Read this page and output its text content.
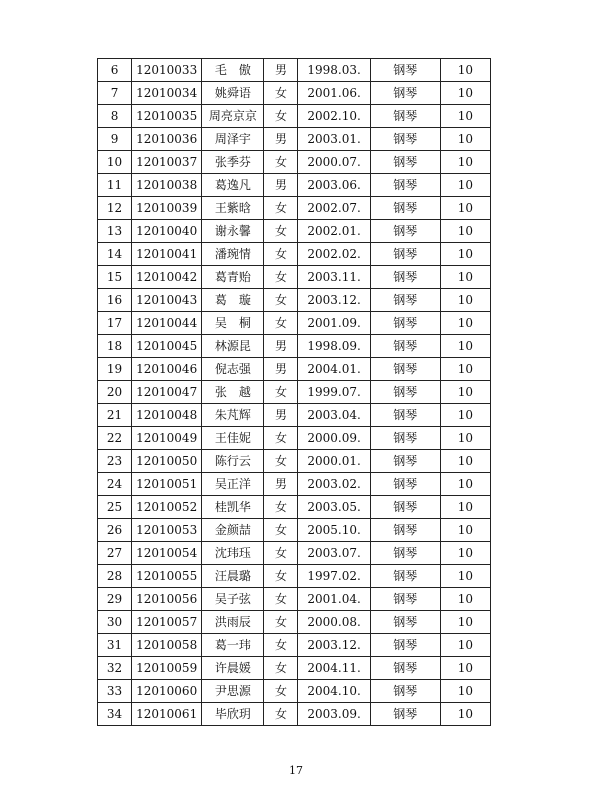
6	12010033	毛　傲	男	1998.03.	钢琴	10
7	12010034	姚舜语	女	2001.06.	钢琴	10
8	12010035	周亮京京	女	2002.10.	钢琴	10
9	12010036	周泽宇	男	2003.01.	钢琴	10
10	12010037	张季芬	女	2000.07.	钢琴	10
11	12010038	葛逸凡	男	2003.06.	钢琴	10
12	12010039	王紫晗	女	2002.07.	钢琴	10
13	12010040	谢永馨	女	2002.01.	钢琴	10
14	12010041	潘琬情	女	2002.02.	钢琴	10
15	12010042	葛青贻	女	2003.11.	钢琴	10
16	12010043	葛　璇	女	2003.12.	钢琴	10
17	12010044	吴　桐	女	2001.09.	钢琴	10
18	12010045	林源昆	男	1998.09.	钢琴	10
19	12010046	倪志强	男	2004.01.	钢琴	10
20	12010047	张　越	女	1999.07.	钢琴	10
21	12010048	朱芃辉	男	2003.04.	钢琴	10
22	12010049	王佳妮	女	2000.09.	钢琴	10
23	12010050	陈行云	女	2000.01.	钢琴	10
24	12010051	吴正洋	男	2003.02.	钢琴	10
25	12010052	桂凯华	女	2003.05.	钢琴	10
26	12010053	金颜喆	女	2005.10.	钢琴	10
27	12010054	沈玮珏	女	2003.07.	钢琴	10
28	12010055	汪晨璐	女	1997.02.	钢琴	10
29	12010056	吴子弦	女	2001.04.	钢琴	10
30	12010057	洪雨辰	女	2000.08.	钢琴	10
31	12010058	葛一玮	女	2003.12.	钢琴	10
32	12010059	许晨媛	女	2004.11.	钢琴	10
33	12010060	尹思源	女	2004.10.	钢琴	10
34	12010061	毕欣玥	女	2003.09.	钢琴	10
17
